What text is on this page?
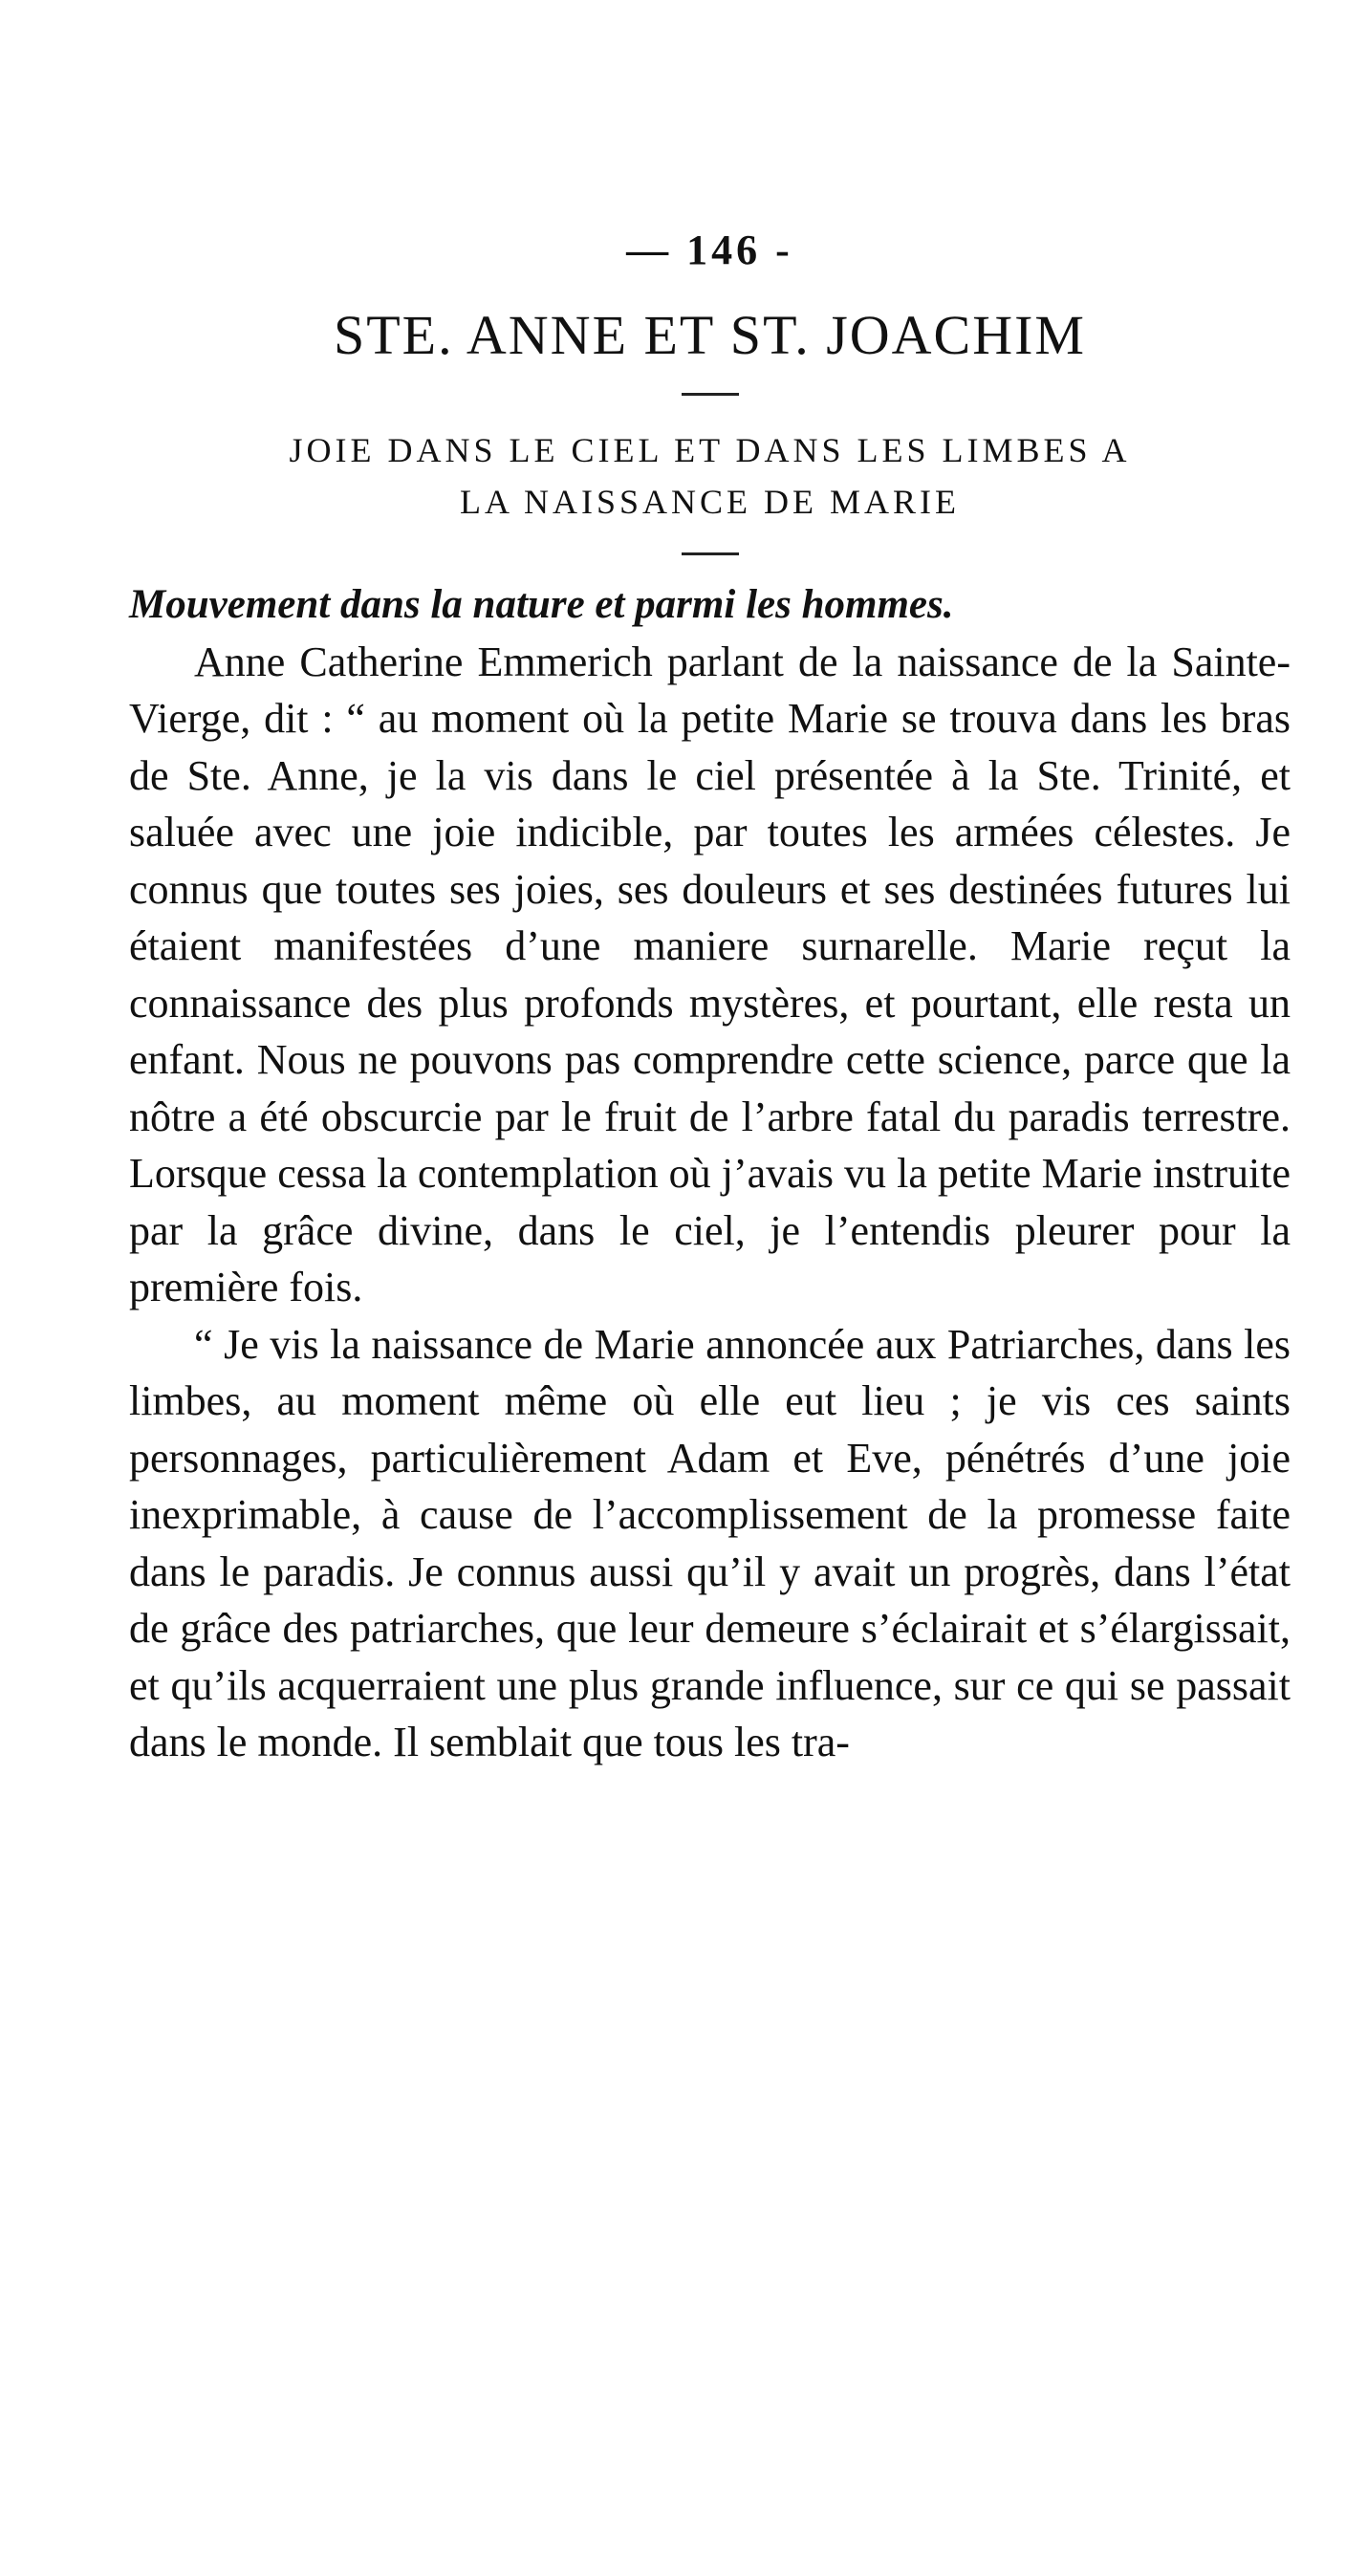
— 146 -
STE. ANNE ET ST. JOACHIM
JOIE DANS LE CIEL ET DANS LES LIMBES A
LA NAISSANCE DE MARIE

Mouvement dans la nature et parmi les hommes.

Anne Catherine Emmerich parlant de la naissance de la Sainte-Vierge, dit : “ au moment où la petite Marie se trouva dans les bras de Ste. Anne, je la vis dans le ciel présentée à la Ste. Trinité, et saluée avec une joie indicible, par toutes les armées célestes. Je connus que toutes ses joies, ses douleurs et ses destinées futures lui étaient manifestées d’une maniere surnarelle. Marie reçut la connaissance des plus profonds mystères, et pourtant, elle resta un enfant. Nous ne pouvons pas comprendre cette science, parce que la nôtre a été obscurcie par le fruit de l’arbre fatal du paradis terrestre. Lorsque cessa la contemplation où j’avais vu la petite Marie instruite par la grâce divine, dans le ciel, je l’entendis pleurer pour la première fois.

“ Je vis la naissance de Marie annoncée aux Patriarches, dans les limbes, au moment même où elle eut lieu ; je vis ces saints personnages, particulièrement Adam et Eve, pénétrés d’une joie inexprimable, à cause de l’accomplissement de la promesse faite dans le paradis. Je connus aussi qu’il y avait un progrès, dans l’état de grâce des patriarches, que leur demeure s’éclairait et s’élargissait, et qu’ils acquerraient une plus grande influence, sur ce qui se passait dans le monde. Il semblait que tous les tra-
